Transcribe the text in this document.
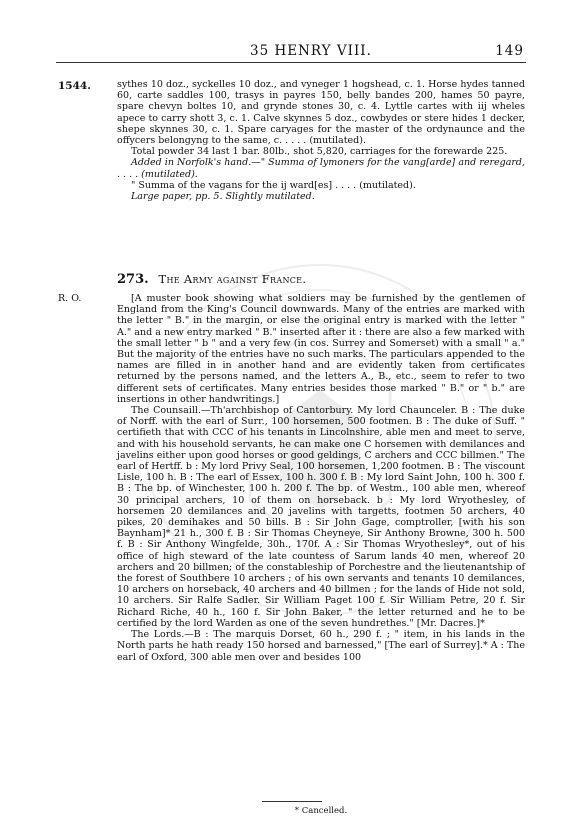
35 HENRY VIII.	149
1544.	sythes 10 doz., syckelles 10 doz., and vyneger 1 hogshead, c. 1. Horse hydes tanned 60, carte saddles 100, trasys in payres 150, belly bandes 200, hames 50 payre, spare chevyn boltes 10, and grynde stones 30, c. 4. Lyttle cartes with iij wheles apece to carry shott 3, c. 1. Calve skynnes 5 doz., cowbydes or stere hides 1 decker, shepe skynnes 30, c. 1. Spare caryages for the master of the ordynaunce and the offycers belongyng to the same, c. . . . . (mutilated).

Total powder 34 last 1 bar. 80lb., shot 5,820, carriages for the forewarde 225.

Added in Norfolk's hand.—" Summa of lymoners for the vang[arde] and reregard, . . . . (mutilated).

" Summa of the vagans for the ij ward[es] . . . . (mutilated).

Large paper, pp. 5. Slightly mutilated.

273. The Army against France.
R. O.	[A muster book showing what soldiers may be furnished by the gentlemen of England from the King's Council downwards. Many of the entries are marked with the letter " B." in the margin, or else the original entry is marked with the letter " A." and a new entry marked " B." inserted after it : there are also a few marked with the small letter " b " and a very few (in cos. Surrey and Somerset) with a small " a." But the majority of the entries have no such marks. The particulars appended to the names are filled in in another hand and are evidently taken from certificates returned by the persons named, and the letters A., B., etc., seem to refer to two different sets of certificates. Many entries besides those marked " B." or " b." are insertions in other handwritings.]

The Counsaill.—Th'archbishop of Cantorbury. My lord Chaunceler. B : The duke of Norff. with the earl of Surr., 100 horsemen, 500 footmen. B : The duke of Suff. " certifieth that with CCC of his tenants in Lincolnshire, able men and meet to serve, and with his household servants, he can make one C horsemen with demilances and javelins either upon good horses or good geldings, C archers and CCC billmen." The earl of Hertff. b : My lord Privy Seal, 100 horsemen, 1,200 footmen. B : The viscount Lisle, 100 h. B : The earl of Essex, 100 h. 300 f. B : My lord Saint John, 100 h. 300 f. B : The bp. of Winchester, 100 h. 200 f. The bp. of Westm., 100 able men, whereof 30 principal archers, 10 of them on horseback. b : My lord Wryothesley, of horsemen 20 demilances and 20 javelins with targetts, footmen 50 archers, 40 pikes, 20 demihakes and 50 bills. B : Sir John Gage, comptroller, [with his son Baynham]* 21 h., 300 f. B : Sir Thomas Cheyneye, Sir Anthony Browne, 300 h. 500 f. B : Sir Anthony Wingfelde, 30h., 170f. A : Sir Thomas Wryothesley*, out of his office of high steward of the late countess of Sarum lands 40 men, whereof 20 archers and 20 billmen; of the constableship of Porchestre and the lieutenantship of the forest of Southbere 10 archers ; of his own servants and tenants 10 demilances, 10 archers on horseback, 40 archers and 40 billmen ; for the lands of Hide not sold, 10 archers. Sir Ralfe Sadler. Sir William Paget 100 f. Sir William Petre, 20 f. Sir Richard Riche, 40 h., 160 f. Sir John Baker, " the letter returned and he to be certified by the lord Warden as one of the seven hundrethes." [Mr. Dacres.]*

The Lords.—B : The marquis Dorset, 60 h., 290 f. ; " item, in his lands in the North parts he hath ready 150 horsed and barnessed," [The earl of Surrey].* A : The earl of Oxford, 300 able men over and besides 100

* Cancelled.
